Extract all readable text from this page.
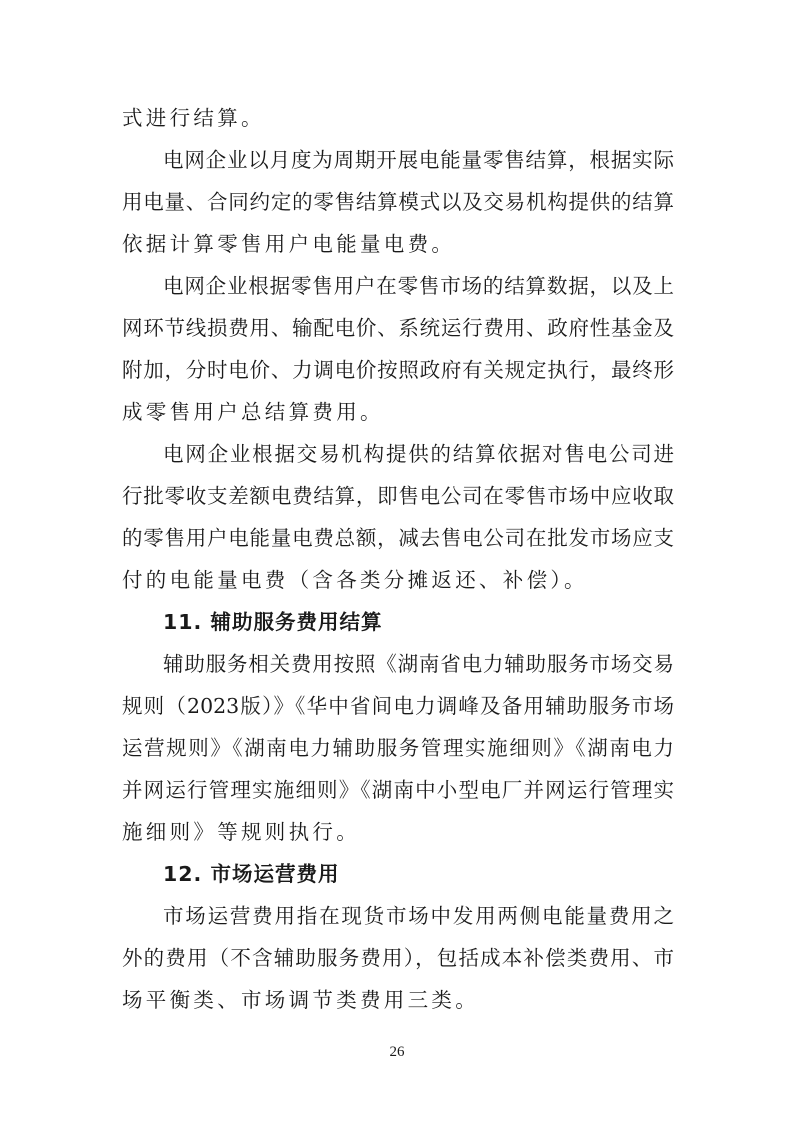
式进行结算。
电网企业以月度为周期开展电能量零售结算，根据实际
用电量、合同约定的零售结算模式以及交易机构提供的结算
依据计算零售用户电能量电费。
电网企业根据零售用户在零售市场的结算数据，以及上
网环节线损费用、输配电价、系统运行费用、政府性基金及
附加，分时电价、力调电价按照政府有关规定执行，最终形
成零售用户总结算费用。
电网企业根据交易机构提供的结算依据对售电公司进
行批零收支差额电费结算，即售电公司在零售市场中应收取
的零售用户电能量电费总额，减去售电公司在批发市场应支
付的电能量电费（含各类分摊返还、补偿）。
11. 辅助服务费用结算
辅助服务相关费用按照《湖南省电力辅助服务市场交易
规则（2023版）》《华中省间电力调峰及备用辅助服务市场
运营规则》《湖南电力辅助服务管理实施细则》《湖南电力
并网运行管理实施细则》《湖南中小型电厂并网运行管理实
施细则》等规则执行。
12. 市场运营费用
市场运营费用指在现货市场中发用两侧电能量费用之
外的费用（不含辅助服务费用），包括成本补偿类费用、市
场平衡类、市场调节类费用三类。
26
